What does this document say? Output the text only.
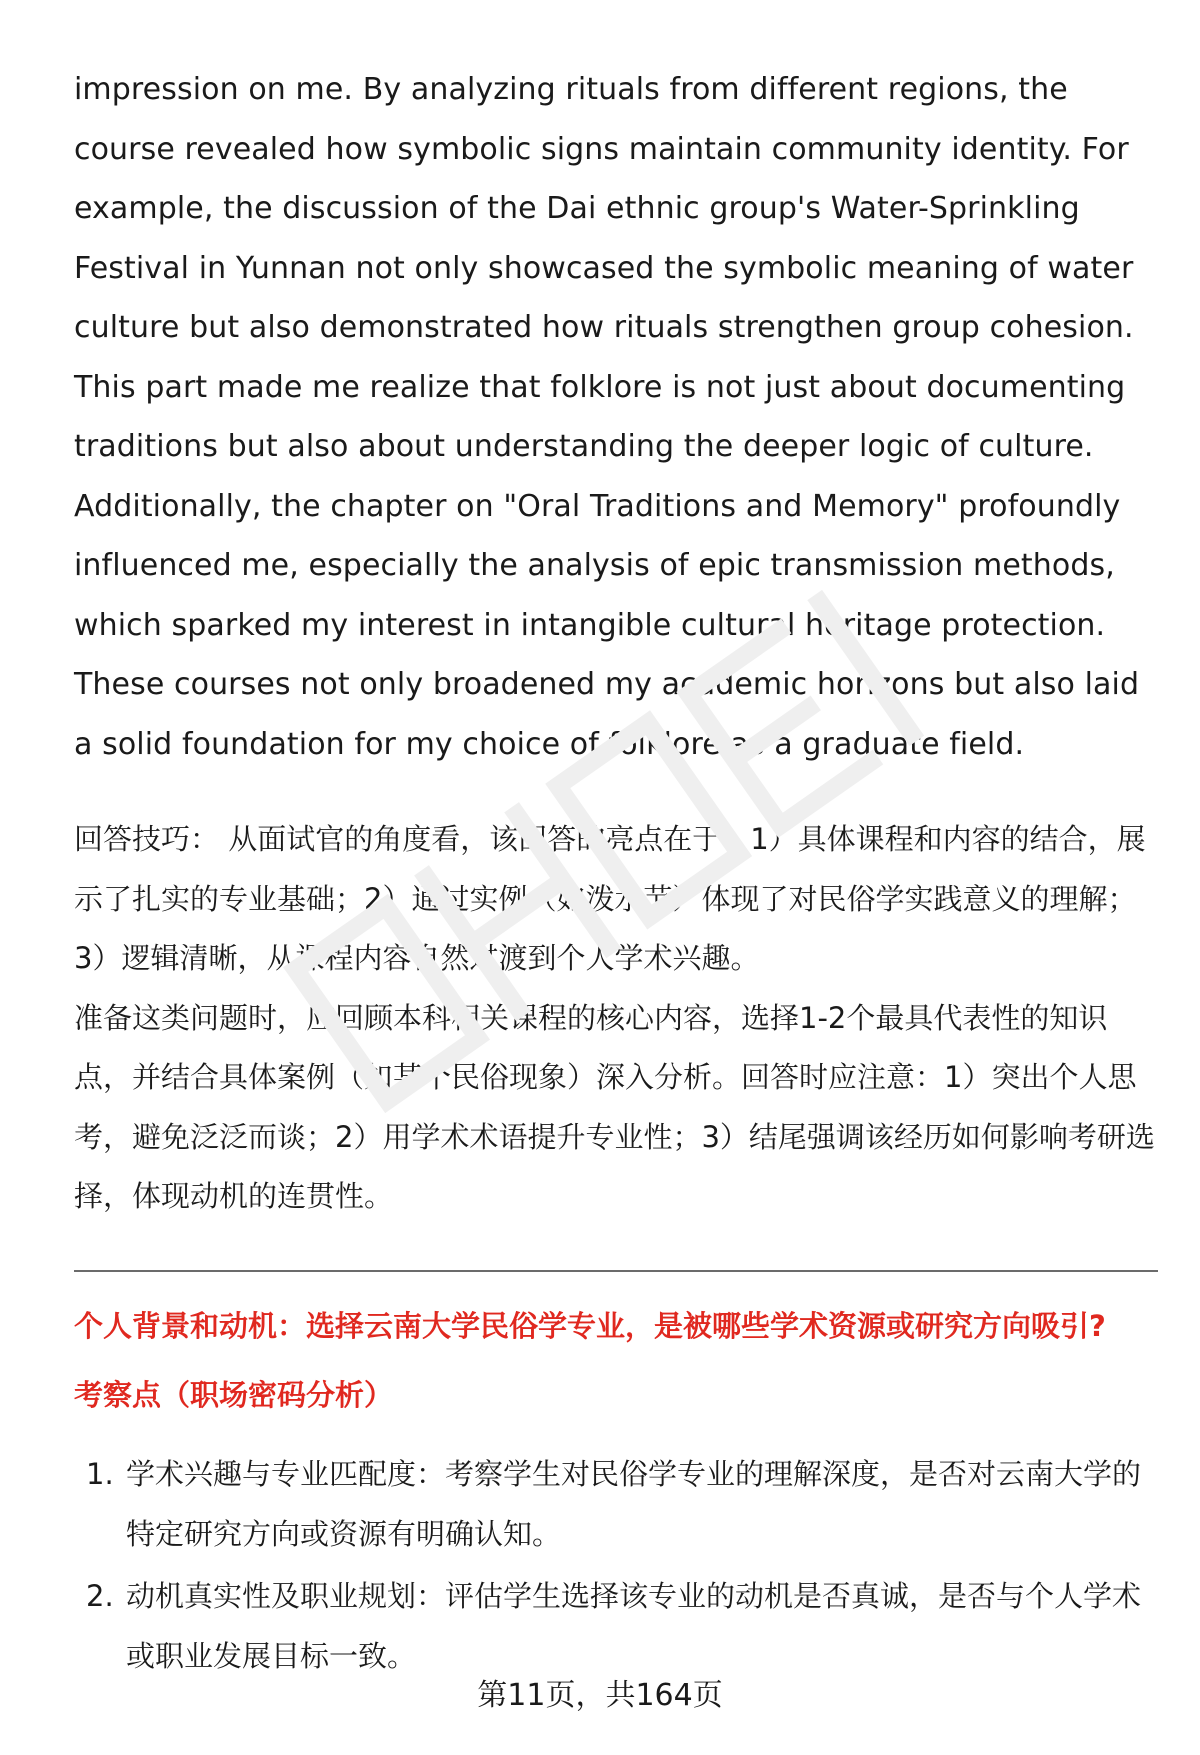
impression on me. By analyzing rituals from different regions, the course revealed how symbolic signs maintain community identity. For example, the discussion of the Dai ethnic group's Water-Sprinkling Festival in Yunnan not only showcased the symbolic meaning of water culture but also demonstrated how rituals strengthen group cohesion. This part made me realize that folklore is not just about documenting traditions but also about understanding the deeper logic of culture. Additionally, the chapter on "Oral Traditions and Memory" profoundly influenced me, especially the analysis of epic transmission methods, which sparked my interest in intangible cultural heritage protection. These courses not only broadened my academic horizons but also laid a solid foundation for my choice of folklore as a graduate field.

回答技巧： 从面试官的角度看，该回答的亮点在于：1）具体课程和内容的结合，展示了扎实的专业基础；2）通过实例（如泼水节）体现了对民俗学实践意义的理解；3）逻辑清晰，从课程内容自然过渡到个人学术兴趣。

准备这类问题时，应回顾本科相关课程的核心内容，选择1-2个最具代表性的知识点，并结合具体案例（如某个民俗现象）深入分析。回答时应注意：1）突出个人思考，避免泛泛而谈；2）用学术术语提升专业性；3）结尾强调该经历如何影响考研选择，体现动机的连贯性。

个人背景和动机：选择云南大学民俗学专业，是被哪些学术资源或研究方向吸引?

考察点（职场密码分析）

1. 学术兴趣与专业匹配度：考察学生对民俗学专业的理解深度，是否对云南大学的特定研究方向或资源有明确认知。
2. 动机真实性及职业规划：评估学生选择该专业的动机是否真诚，是否与个人学术或职业发展目标一致。
第11页，共164页
